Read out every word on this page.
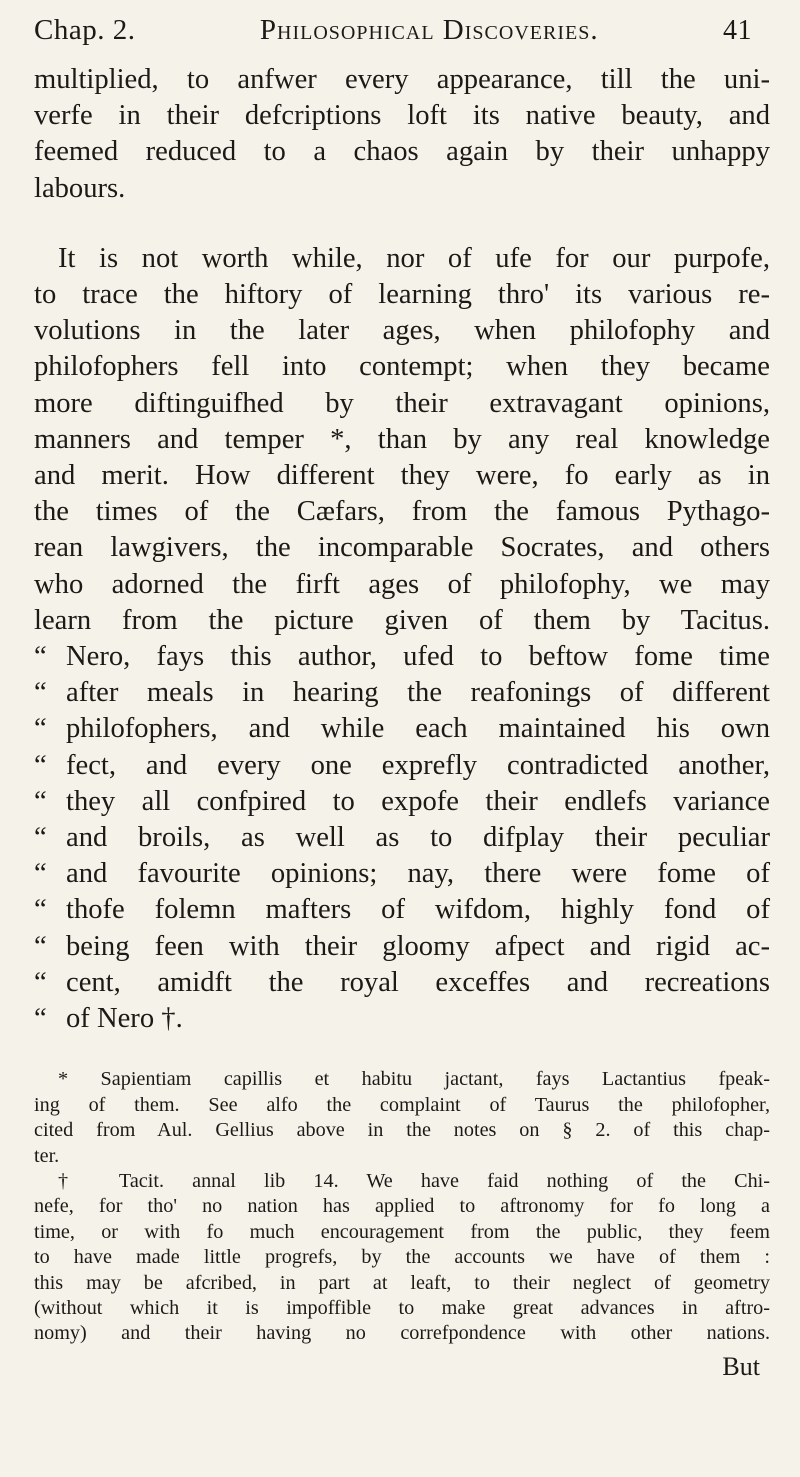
Chap. 2.	Philosophical Discoveries.	41
multiplied, to anfwer every appearance, till the uni-
verfe in their defcriptions loft its native beauty, and
feemed reduced to a chaos again by their unhappy
labours.
It is not worth while, nor of ufe for our purpofe,
to trace the hiftory of learning thro' its various re-
volutions in the later ages, when philofophy and
philofophers fell into contempt; when they became
more diftinguifhed by their extravagant opinions,
manners and temper *, than by any real knowledge
and merit. How different they were, fo early as in
the times of the Cæfars, from the famous Pythago-
rean lawgivers, the incomparable Socrates, and others
who adorned the firft ages of philofophy, we may
learn from the picture given of them by Tacitus.
“ Nero, fays this author, ufed to beftow fome time
“ after meals in hearing the reafonings of different
“ philofophers, and while each maintained his own
“ fect, and every one exprefly contradicted another,
“ they all confpired to expofe their endlefs variance
“ and broils, as well as to difplay their peculiar
“ and favourite opinions; nay, there were fome of
“ thofe folemn mafters of wifdom, highly fond of
“ being feen with their gloomy afpect and rigid ac-
“ cent, amidft the royal exceffes and recreations
“ of Nero †.
* Sapientiam capillis et habitu jactant, fays Lactantius fpeak-
ing of them. See alfo the complaint of Taurus the philofopher,
cited from Aul. Gellius above in the notes on § 2. of this chap-
ter.
† Tacit. annal lib 14. We have faid nothing of the Chi-
nefe, for tho' no nation has applied to aftronomy for fo long a
time, or with fo much encouragement from the public, they feem
to have made little progrefs, by the accounts we have of them :
this may be afcribed, in part at leaft, to their neglect of geometry
(without which it is impoffible to make great advances in aftro-
nomy) and their having no correfpondence with other nations.
But
